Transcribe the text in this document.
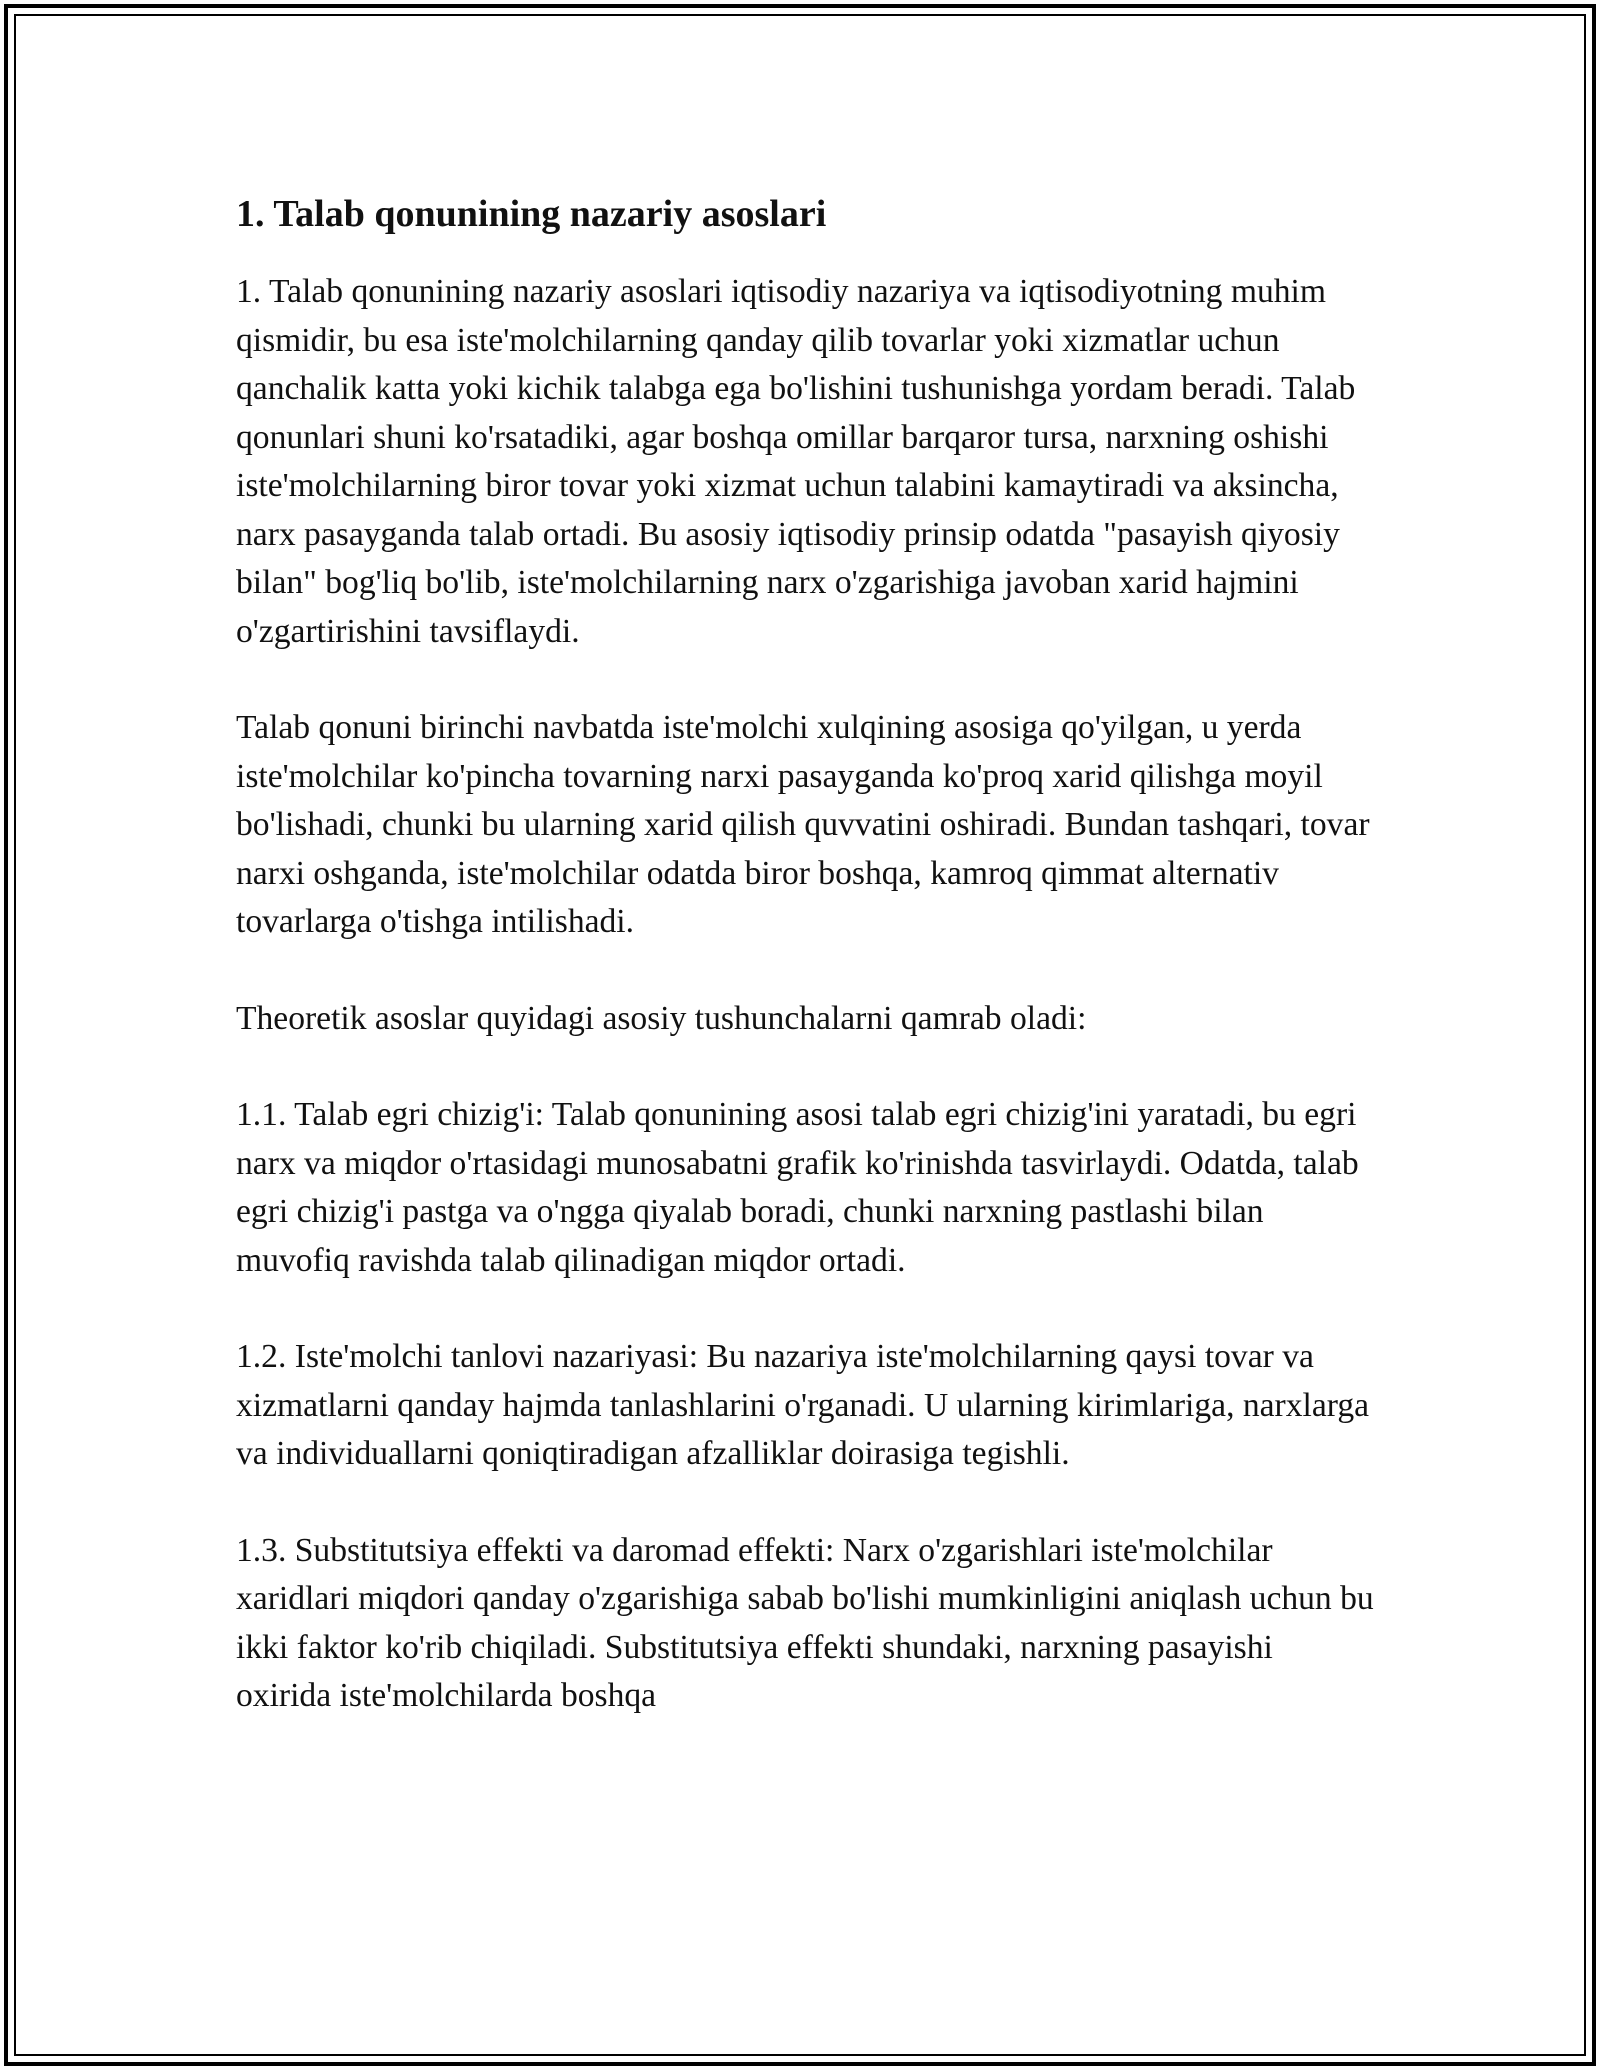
1. Talab qonunining nazariy asoslari

1. Talab qonunining nazariy asoslari iqtisodiy nazariya va iqtisodiyotning muhim qismidir, bu esa iste'molchilarning qanday qilib tovarlar yoki xizmatlar uchun qanchalik katta yoki kichik talabga ega bo'lishini tushunishga yordam beradi. Talab qonunlari shuni ko'rsatadiki, agar boshqa omillar barqaror tursa, narxning oshishi iste'molchilarning biror tovar yoki xizmat uchun talabini kamaytiradi va aksincha, narx pasayganda talab ortadi. Bu asosiy iqtisodiy prinsip odatda "pasayish qiyosiy bilan" bog'liq bo'lib, iste'molchilarning narx o'zgarishiga javoban xarid hajmini o'zgartirishini tavsiflaydi.

Talab qonuni birinchi navbatda iste'molchi xulqining asosiga qo'yilgan, u yerda iste'molchilar ko'pincha tovarning narxi pasayganda ko'proq xarid qilishga moyil bo'lishadi, chunki bu ularning xarid qilish quvvatini oshiradi. Bundan tashqari, tovar narxi oshganda, iste'molchilar odatda biror boshqa, kamroq qimmat alternativ tovarlarga o'tishga intilishadi.

Theoretik asoslar quyidagi asosiy tushunchalarni qamrab oladi:

1.1. Talab egri chizig'i: Talab qonunining asosi talab egri chizig'ini yaratadi, bu egri narx va miqdor o'rtasidagi munosabatni grafik ko'rinishda tasvirlaydi. Odatda, talab egri chizig'i pastga va o'ngga qiyalab boradi, chunki narxning pastlashi bilan muvofiq ravishda talab qilinadigan miqdor ortadi.

1.2. Iste'molchi tanlovi nazariyasi: Bu nazariya iste'molchilarning qaysi tovar va xizmatlarni qanday hajmda tanlashlarini o'rganadi. U ularning kirimlariga, narxlarga va individuallarni qoniqtiradigan afzalliklar doirasiga tegishli.

1.3. Substitutsiya effekti va daromad effekti: Narx o'zgarishlari iste'molchilar xaridlari miqdori qanday o'zgarishiga sabab bo'lishi mumkinligini aniqlash uchun bu ikki faktor ko'rib chiqiladi. Substitutsiya effekti shundaki, narxning pasayishi oxirida iste'molchilarda boshqa
